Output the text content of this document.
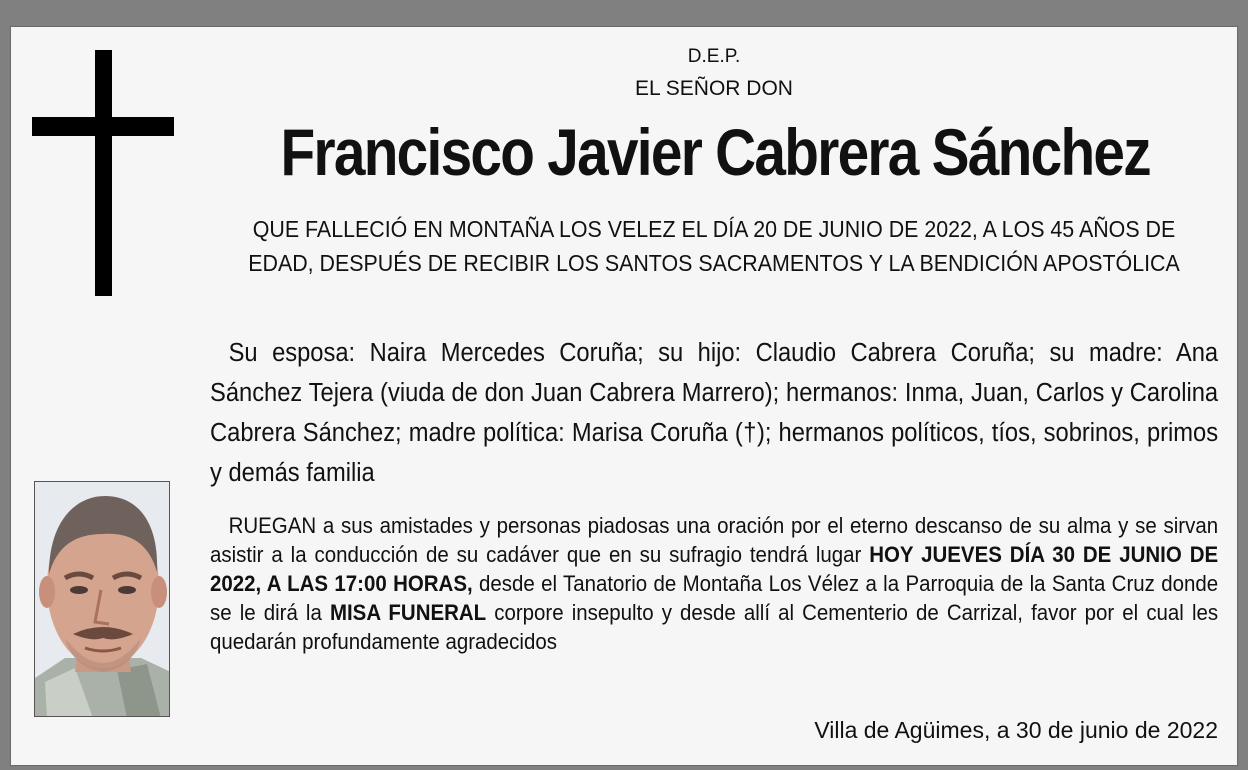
D.E.P.
EL SEÑOR DON
Francisco Javier Cabrera Sánchez
QUE FALLECIÓ EN MONTAÑA LOS VELEZ EL DÍA 20 DE JUNIO DE 2022, A LOS 45 AÑOS DE EDAD, DESPUÉS DE RECIBIR LOS SANTOS SACRAMENTOS Y LA BENDICIÓN APOSTÓLICA
Su esposa: Naira Mercedes Coruña; su hijo: Claudio Cabrera Coruña; su madre: Ana Sánchez Tejera (viuda de don Juan Cabrera Marrero); hermanos: Inma, Juan, Carlos y Carolina Cabrera Sánchez; madre política: Marisa Coruña (†); hermanos políticos, tíos, sobrinos, primos y demás familia
RUEGAN a sus amistades y personas piadosas una oración por el eterno descanso de su alma y se sirvan asistir a la conducción de su cadáver que en su sufragio tendrá lugar HOY JUEVES DÍA 30 DE JUNIO DE 2022, A LAS 17:00 HORAS, desde el Tanatorio de Montaña Los Vélez a la Parroquia de la Santa Cruz donde se le dirá la MISA FUNERAL corpore insepulto y desde allí al Cementerio de Carrizal, favor por el cual les quedarán profundamente agradecidos
Villa de Agüimes, a 30 de junio de 2022
